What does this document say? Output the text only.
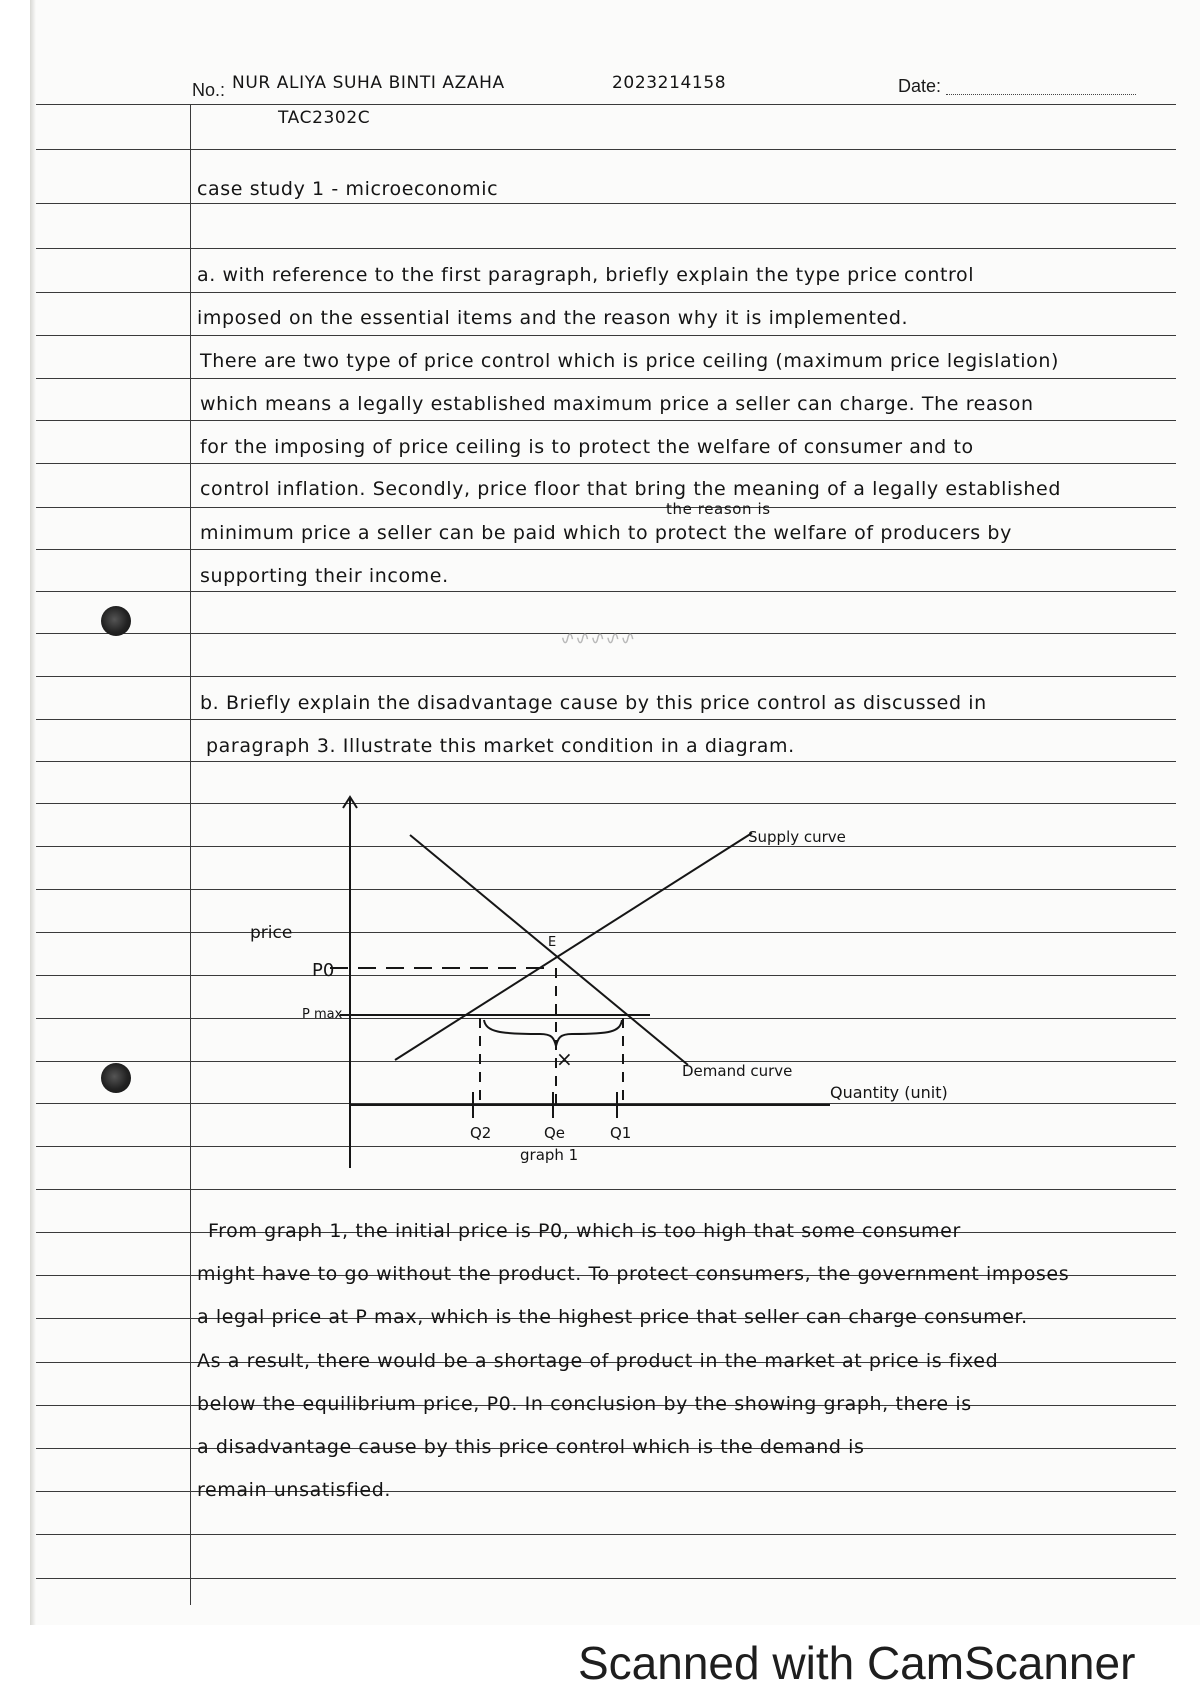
∿∿∿∿∿
No.: NUR ALIYA SUHA BINTI AZAHA	2023214158
TAC2302C
Date:
case study 1 - microeconomic
a. with reference to the first paragraph, briefly explain the type price control
imposed on the essential items and the reason why it is implemented.
There are two type of price control which is price ceiling (maximum price legislation)
which means a legally established maximum price a seller can charge. The reason
for the imposing of price ceiling is to protect the welfare of consumer and to
control inflation. Secondly, price floor that bring the meaning of a legally established
the reason is
minimum price a seller can be paid which to protect the welfare of producers by
supporting their income.
b. Briefly explain the disadvantage cause by this price control as discussed in
paragraph 3. Illustrate this market condition in a diagram.
Supply curve
Demand curve
price
Quantity (unit)
E
P0
P max
×
Q2	Qe	Q1
graph 1
From graph 1, the initial price is P0, which is too high that some consumer
might have to go without the product. To protect consumers, the government imposes
a legal price at P max, which is the highest price that seller can charge consumer.
As a result, there would be a shortage of product in the market at price is fixed
below the equilibrium price, P0. In conclusion by the showing graph, there is
a disadvantage cause by this price control which is the demand is
remain unsatisfied.
Scanned with CamScanner
